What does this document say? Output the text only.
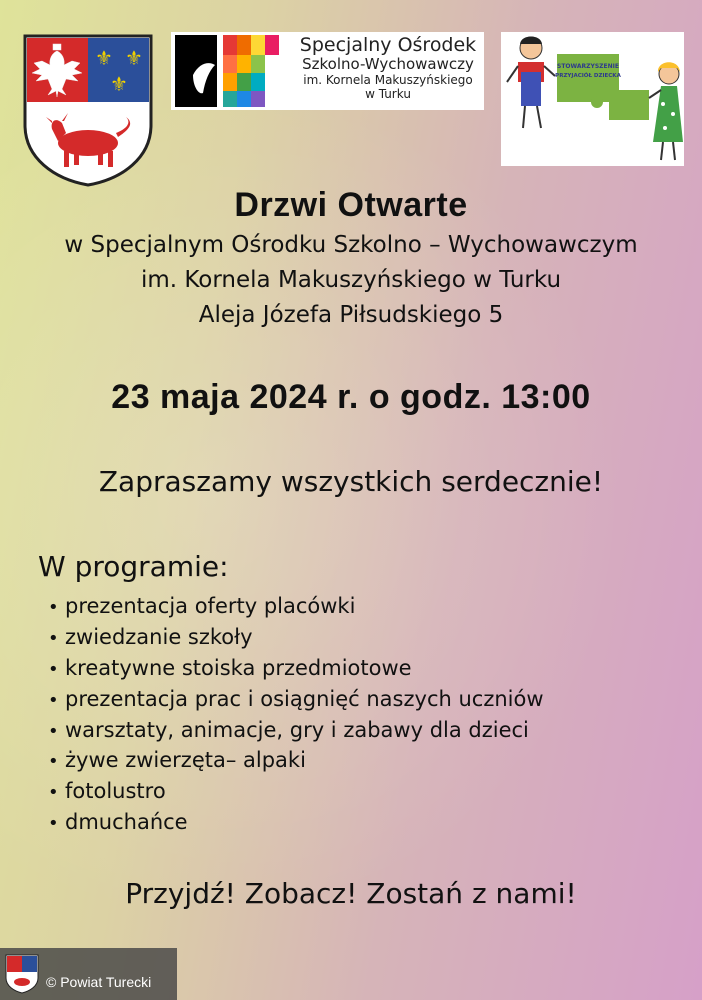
⚜ ⚜
⚜
Specjalny Ośrodek
Szkolno-Wychowawczy
im. Kornela Makuszyńskiego
w Turku
STOWARZYSZENIE
PRZYJACIÓŁ DZIECKA
Drzwi Otwarte
w Specjalnym Ośrodku Szkolno – Wychowawczym
im. Kornela Makuszyńskiego w Turku
Aleja Józefa Piłsudskiego 5
23 maja 2024 r. o godz. 13:00
Zapraszamy wszystkich serdecznie!
W programie:
• prezentacja oferty placówki
• zwiedzanie szkoły
• kreatywne stoiska przedmiotowe
• prezentacja prac i osiągnięć naszych uczniów
• warsztaty, animacje, gry i zabawy dla dzieci
• żywe zwierzęta– alpaki
• fotolustro
• dmuchańce
Przyjdź! Zobacz! Zostań z nami!
© Powiat Turecki
